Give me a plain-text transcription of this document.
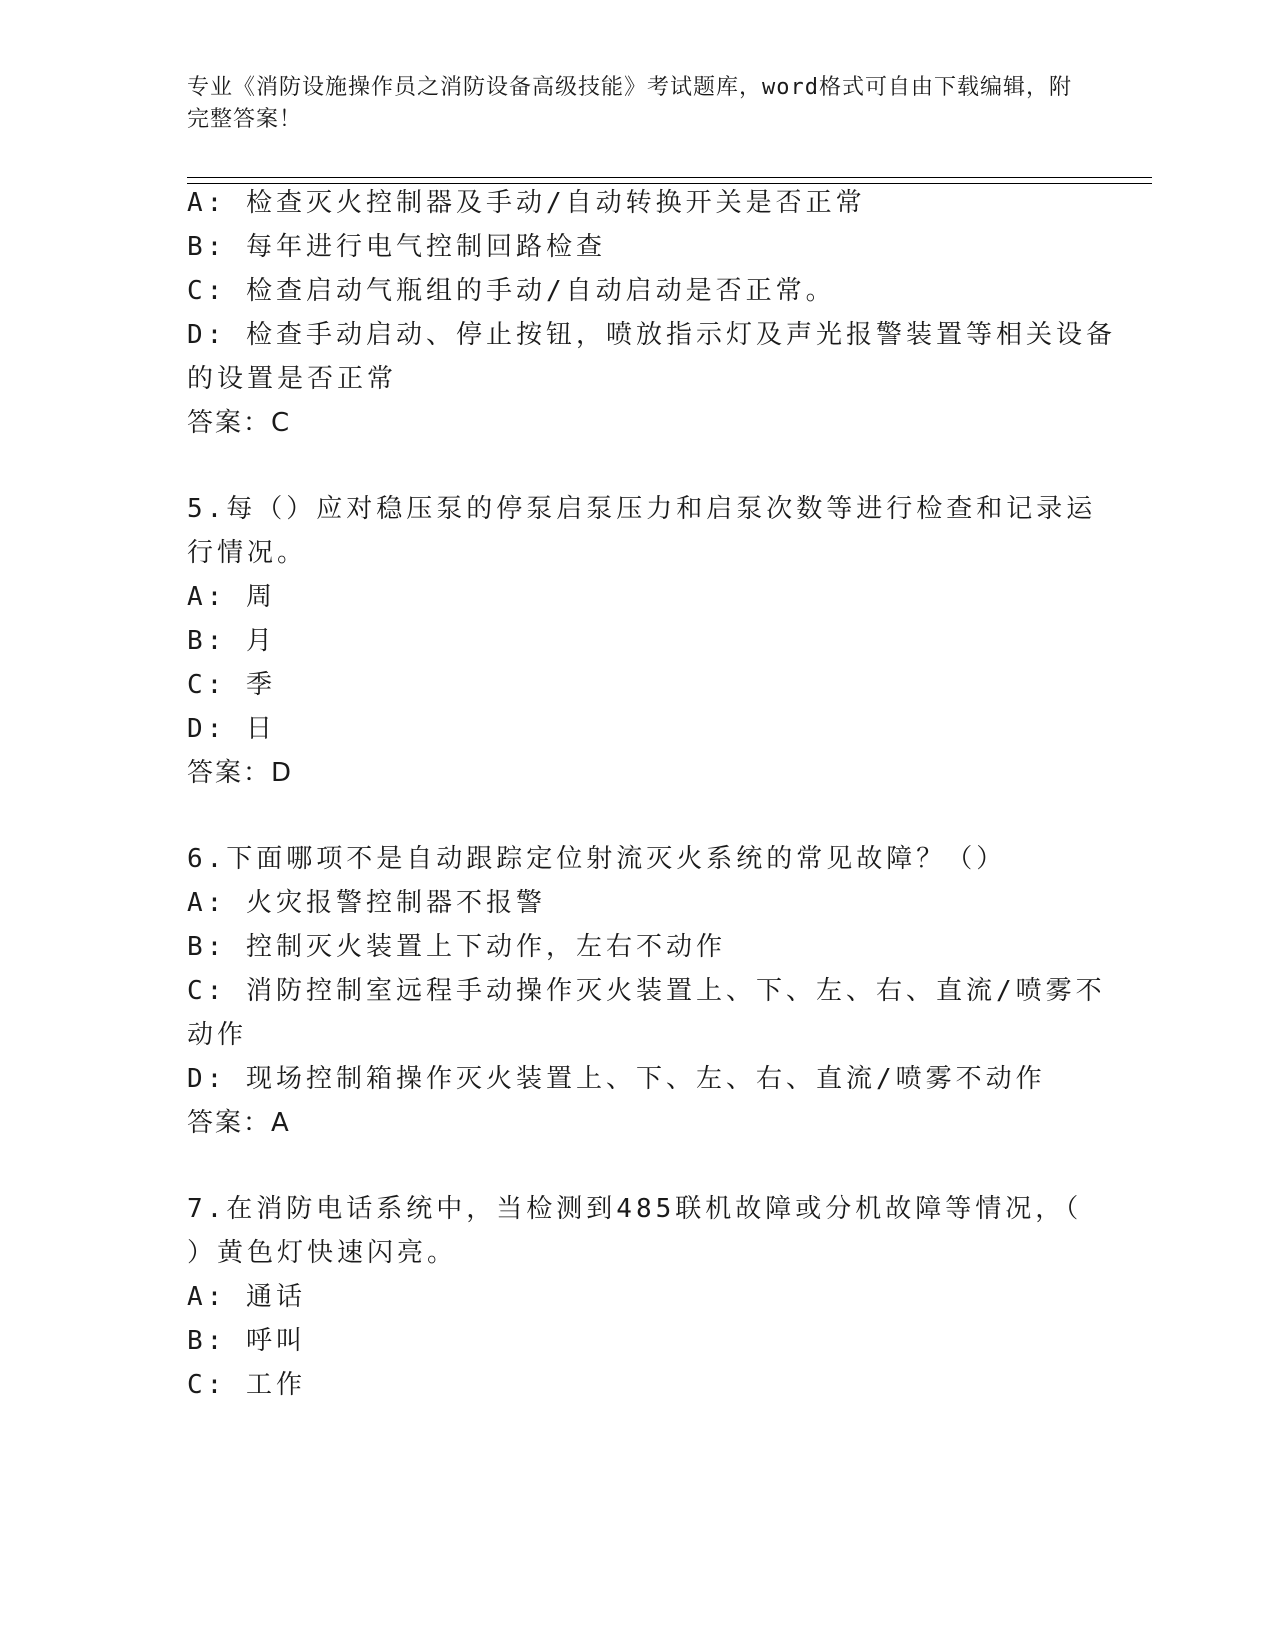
专业《消防设施操作员之消防设备高级技能》考试题库，word格式可自由下载编辑，附完整答案！
A: 检查灭火控制器及手动/自动转换开关是否正常
B: 每年进行电气控制回路检查
C: 检查启动气瓶组的手动/自动启动是否正常。
D: 检查手动启动、停止按钮，喷放指示灯及声光报警装置等相关设备
的设置是否正常
答案：C
5.每（）应对稳压泵的停泵启泵压力和启泵次数等进行检查和记录运
行情况。
A: 周
B: 月
C: 季
D: 日
答案：D
6.下面哪项不是自动跟踪定位射流灭火系统的常见故障？（）
A: 火灾报警控制器不报警
B: 控制灭火装置上下动作，左右不动作
C: 消防控制室远程手动操作灭火装置上、下、左、右、直流/喷雾不
动作
D: 现场控制箱操作灭火装置上、下、左、右、直流/喷雾不动作
答案：A
7.在消防电话系统中，当检测到485联机故障或分机故障等情况，（
）黄色灯快速闪亮。
A: 通话
B: 呼叫
C: 工作
